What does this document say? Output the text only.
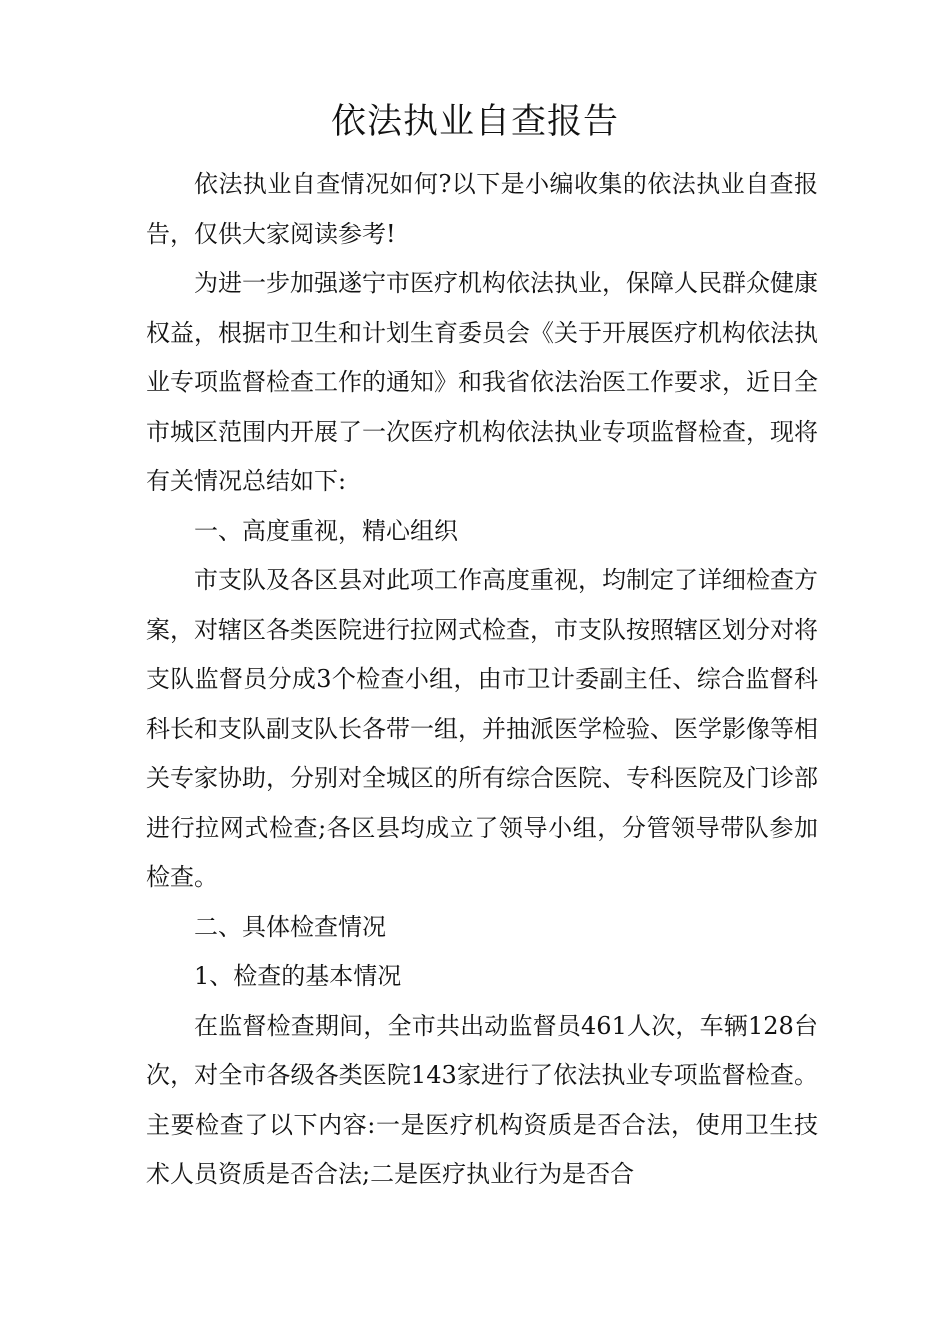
依法执业自查报告

依法执业自查情况如何?以下是小编收集的依法执业自查报告，仅供大家阅读参考!

为进一步加强遂宁市医疗机构依法执业，保障人民群众健康权益，根据市卫生和计划生育委员会《关于开展医疗机构依法执业专项监督检查工作的通知》和我省依法治医工作要求，近日全市城区范围内开展了一次医疗机构依法执业专项监督检查，现将有关情况总结如下:

一、高度重视，精心组织

市支队及各区县对此项工作高度重视，均制定了详细检查方案，对辖区各类医院进行拉网式检查，市支队按照辖区划分对将支队监督员分成3个检查小组，由市卫计委副主任、综合监督科科长和支队副支队长各带一组，并抽派医学检验、医学影像等相关专家协助，分别对全城区的所有综合医院、专科医院及门诊部进行拉网式检查;各区县均成立了领导小组，分管领导带队参加检查。

二、具体检查情况

1、检查的基本情况

在监督检查期间，全市共出动监督员461人次，车辆128台次，对全市各级各类医院143家进行了依法执业专项监督检查。主要检查了以下内容:一是医疗机构资质是否合法，使用卫生技术人员资质是否合法;二是医疗执业行为是否合
